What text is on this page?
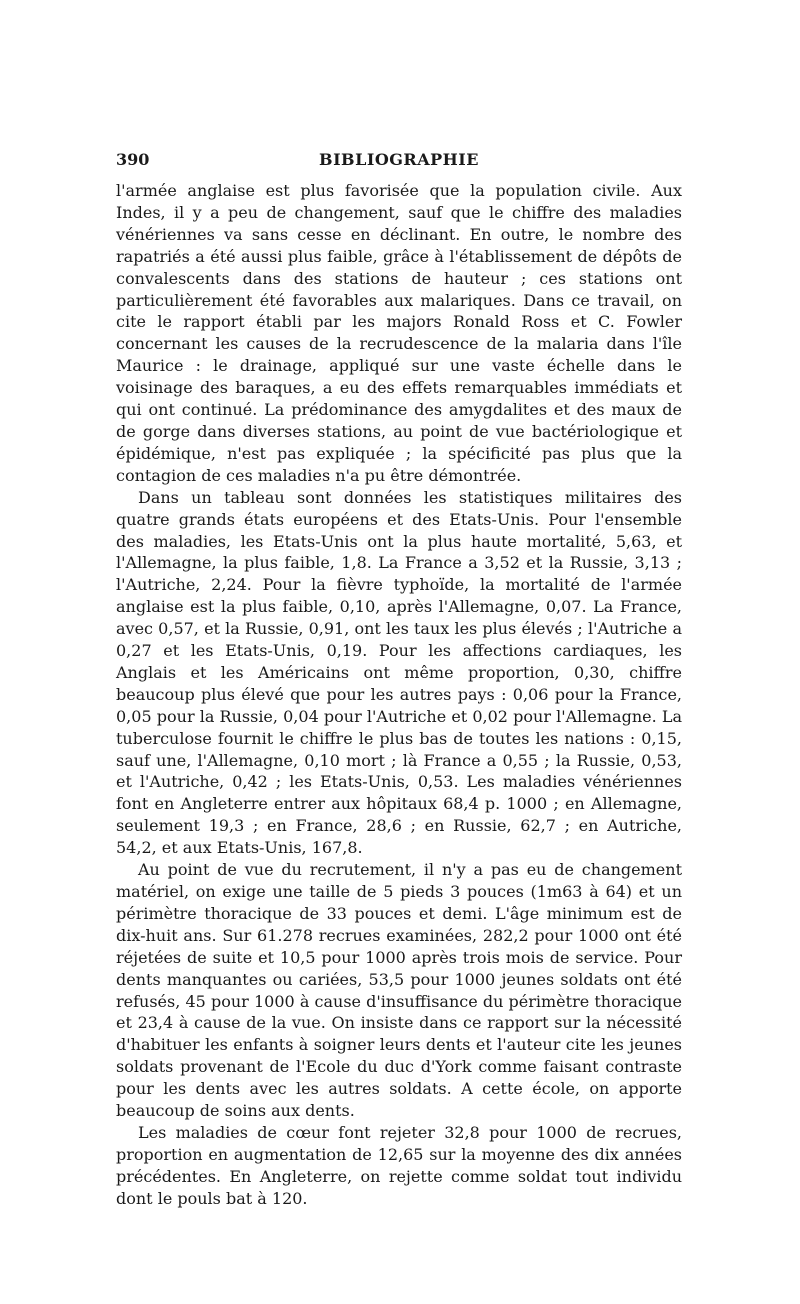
390	BIBLIOGRAPHIE

l'armée anglaise est plus favorisée que la population civile. Aux Indes, il y a peu de changement, sauf que le chiffre des maladies vénériennes va sans cesse en déclinant. En outre, le nombre des rapatriés a été aussi plus faible, grâce à l'établissement de dépôts de convalescents dans des stations de hauteur ; ces stations ont particulièrement été favorables aux malariques. Dans ce travail, on cite le rapport établi par les majors Ronald Ross et C. Fowler concernant les causes de la recrudescence de la malaria dans l'île Maurice : le drainage, appliqué sur une vaste échelle dans le voisinage des baraques, a eu des effets remarquables immédiats et qui ont continué. La prédominance des amygdalites et des maux de de gorge dans diverses stations, au point de vue bactériologique et épidémique, n'est pas expliquée ; la spécificité pas plus que la contagion de ces maladies n'a pu être démontrée.

Dans un tableau sont données les statistiques militaires des quatre grands états européens et des Etats-Unis. Pour l'ensemble des maladies, les Etats-Unis ont la plus haute mortalité, 5,63, et l'Allemagne, la plus faible, 1,8. La France a 3,52 et la Russie, 3,13 ; l'Autriche, 2,24. Pour la fièvre typhoïde, la mortalité de l'armée anglaise est la plus faible, 0,10, après l'Allemagne, 0,07. La France, avec 0,57, et la Russie, 0,91, ont les taux les plus élevés ; l'Autriche a 0,27 et les Etats-Unis, 0,19. Pour les affections cardiaques, les Anglais et les Américains ont même proportion, 0,30, chiffre beaucoup plus élevé que pour les autres pays : 0,06 pour la France, 0,05 pour la Russie, 0,04 pour l'Autriche et 0,02 pour l'Allemagne. La tuberculose fournit le chiffre le plus bas de toutes les nations : 0,15, sauf une, l'Allemagne, 0,10 mort ; là France a 0,55 ; la Russie, 0,53, et l'Autriche, 0,42 ; les Etats-Unis, 0,53. Les maladies vénériennes font en Angleterre entrer aux hôpitaux 68,4 p. 1000 ; en Allemagne, seulement 19,3 ; en France, 28,6 ; en Russie, 62,7 ; en Autriche, 54,2, et aux Etats-Unis, 167,8.

Au point de vue du recrutement, il n'y a pas eu de changement matériel, on exige une taille de 5 pieds 3 pouces (1m63 à 64) et un périmètre thoracique de 33 pouces et demi. L'âge minimum est de dix-huit ans. Sur 61.278 recrues examinées, 282,2 pour 1000 ont été réjetées de suite et 10,5 pour 1000 après trois mois de service. Pour dents manquantes ou cariées, 53,5 pour 1000 jeunes soldats ont été refusés, 45 pour 1000 à cause d'insuffisance du périmètre thoracique et 23,4 à cause de la vue. On insiste dans ce rapport sur la nécessité d'habituer les enfants à soigner leurs dents et l'auteur cite les jeunes soldats provenant de l'Ecole du duc d'York comme faisant contraste pour les dents avec les autres soldats. A cette école, on apporte beaucoup de soins aux dents.

Les maladies de cœur font rejeter 32,8 pour 1000 de recrues, proportion en augmentation de 12,65 sur la moyenne des dix années précédentes. En Angleterre, on rejette comme soldat tout individu dont le pouls bat à 120.
